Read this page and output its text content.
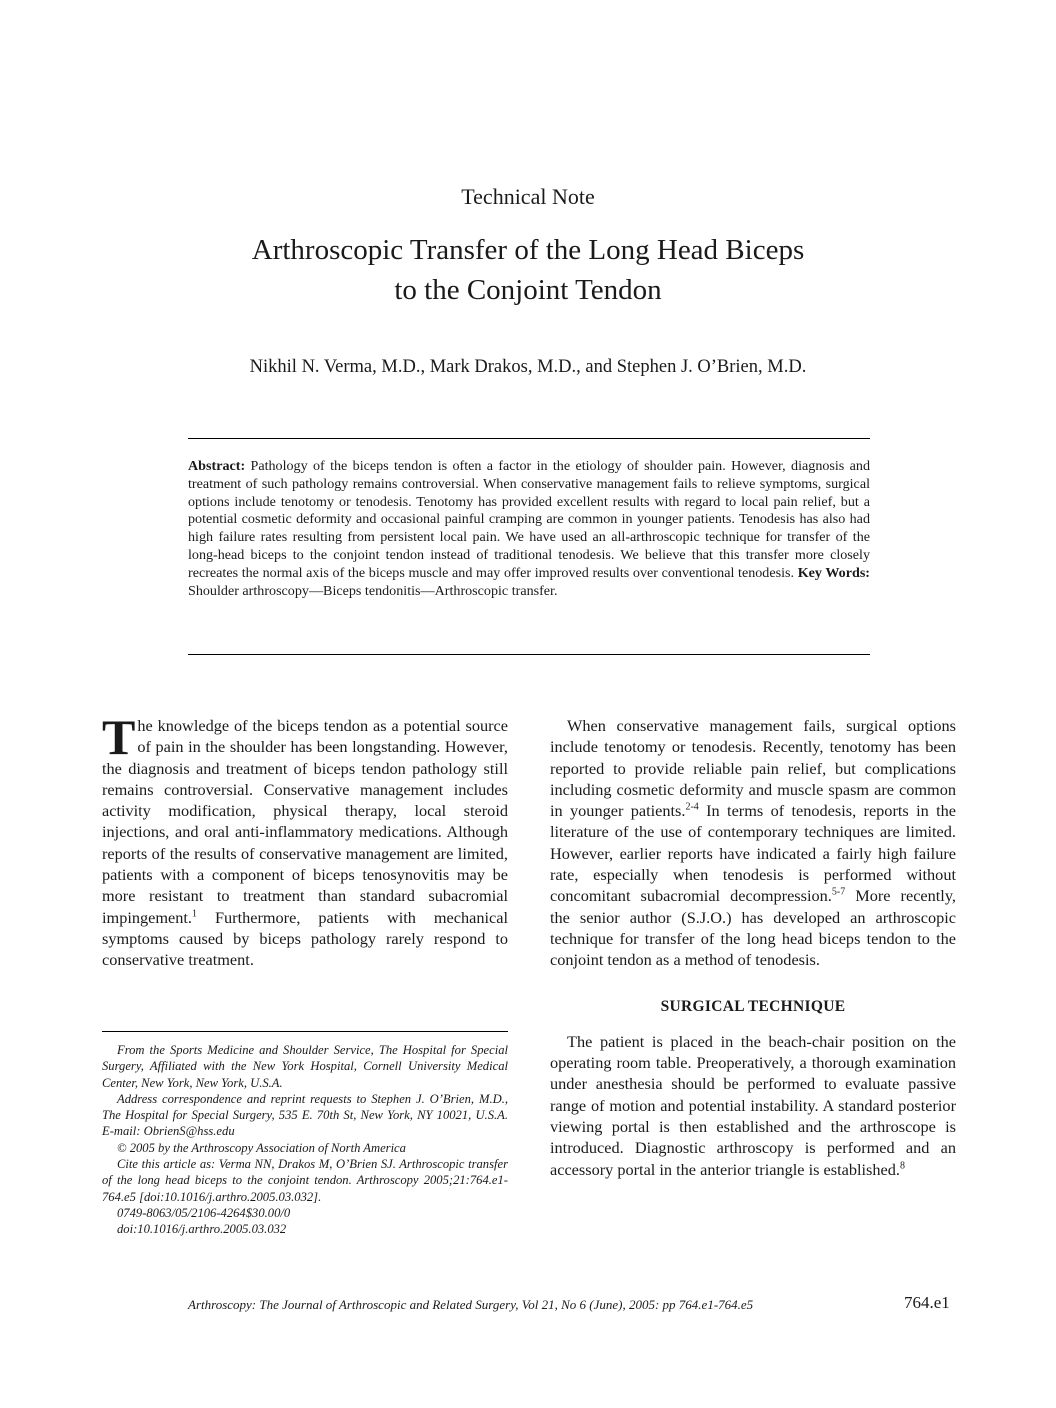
Technical Note
Arthroscopic Transfer of the Long Head Biceps
to the Conjoint Tendon
Nikhil N. Verma, M.D., Mark Drakos, M.D., and Stephen J. O’Brien, M.D.
Abstract: Pathology of the biceps tendon is often a factor in the etiology of shoulder pain. However, diagnosis and treatment of such pathology remains controversial. When conservative management fails to relieve symptoms, surgical options include tenotomy or tenodesis. Tenotomy has provided excellent results with regard to local pain relief, but a potential cosmetic deformity and occasional painful cramping are common in younger patients. Tenodesis has also had high failure rates resulting from persistent local pain. We have used an all-arthroscopic technique for transfer of the long-head biceps to the conjoint tendon instead of traditional tenodesis. We believe that this transfer more closely recreates the normal axis of the biceps muscle and may offer improved results over conventional tenodesis. Key Words: Shoulder arthroscopy—Biceps tendonitis—Arthroscopic transfer.

The knowledge of the biceps tendon as a potential source of pain in the shoulder has been longstanding. However, the diagnosis and treatment of biceps tendon pathology still remains controversial. Conservative management includes activity modification, physical therapy, local steroid injections, and oral anti-inflammatory medications. Although reports of the results of conservative management are limited, patients with a component of biceps tenosynovitis may be more resistant to treatment than standard subacromial impingement.$^1$ Furthermore, patients with mechanical symptoms caused by biceps pathology rarely respond to conservative treatment.

From the Sports Medicine and Shoulder Service, The Hospital for Special Surgery, Affiliated with the New York Hospital, Cornell University Medical Center, New York, New York, U.S.A.

Address correspondence and reprint requests to Stephen J. O’Brien, M.D., The Hospital for Special Surgery, 535 E. 70th St, New York, NY 10021, U.S.A. E-mail: ObrienS@hss.edu

© 2005 by the Arthroscopy Association of North America

Cite this article as: Verma NN, Drakos M, O’Brien SJ. Arthroscopic transfer of the long head biceps to the conjoint tendon. Arthroscopy 2005;21:764.e1-764.e5 [doi:10.1016/j.arthro.2005.03.032].

0749-8063/05/2106-4264$30.00/0

doi:10.1016/j.arthro.2005.03.032

When conservative management fails, surgical options include tenotomy or tenodesis. Recently, tenotomy has been reported to provide reliable pain relief, but complications including cosmetic deformity and muscle spasm are common in younger patients.$^{2-4}$ In terms of tenodesis, reports in the literature of the use of contemporary techniques are limited. However, earlier reports have indicated a fairly high failure rate, especially when tenodesis is performed without concomitant subacromial decompression.$^{5-7}$ More recently, the senior author (S.J.O.) has developed an arthroscopic technique for transfer of the long head biceps tendon to the conjoint tendon as a method of tenodesis.

SURGICAL TECHNIQUE

The patient is placed in the beach-chair position on the operating room table. Preoperatively, a thorough examination under anesthesia should be performed to evaluate passive range of motion and potential instability. A standard posterior viewing portal is then established and the arthroscope is introduced. Diagnostic arthroscopy is performed and an accessory portal in the anterior triangle is established.$^8$

Arthroscopy: The Journal of Arthroscopic and Related Surgery, Vol 21, No 6 (June), 2005: pp 764.e1-764.e5	764.e1
